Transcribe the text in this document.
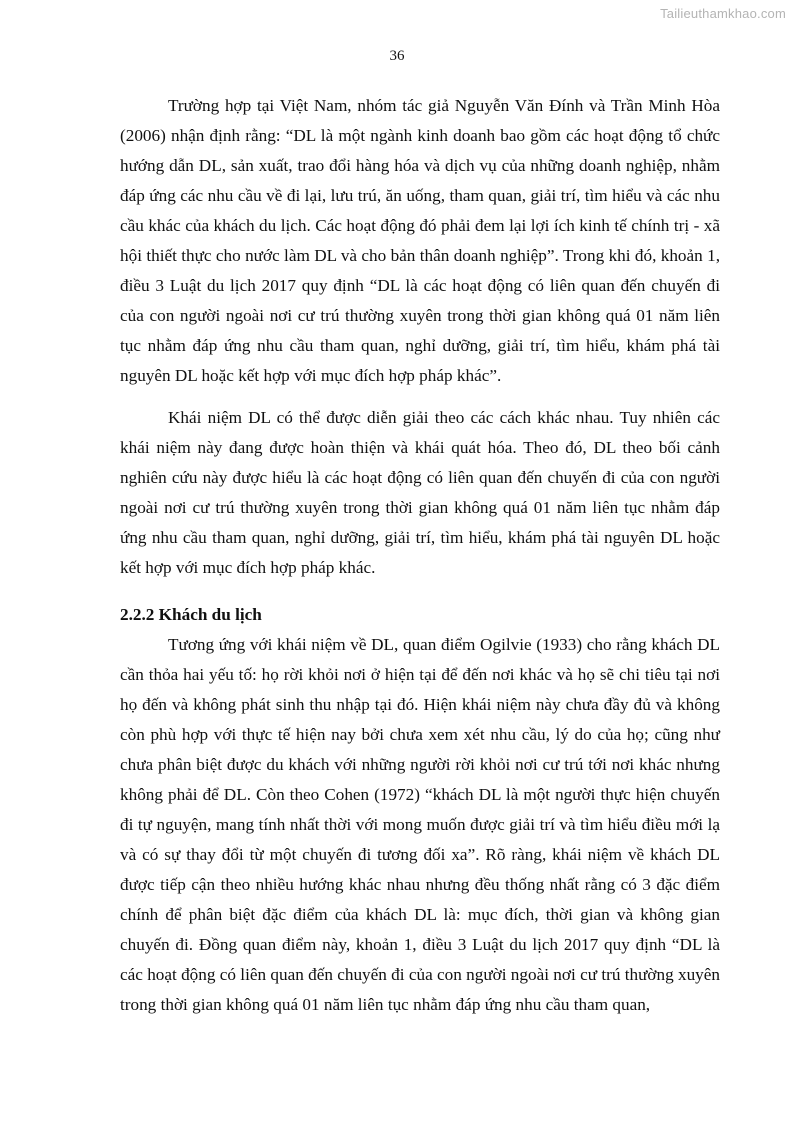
Tailieuthamkhao.com
36

Trường hợp tại Việt Nam, nhóm tác giả Nguyễn Văn Đính và Trần Minh Hòa (2006) nhận định rằng: “DL là một ngành kinh doanh bao gồm các hoạt động tổ chức hướng dẫn DL, sản xuất, trao đổi hàng hóa và dịch vụ của những doanh nghiệp, nhằm đáp ứng các nhu cầu về đi lại, lưu trú, ăn uống, tham quan, giải trí, tìm hiểu và các nhu cầu khác của khách du lịch. Các hoạt động đó phải đem lại lợi ích kinh tế chính trị - xã hội thiết thực cho nước làm DL và cho bản thân doanh nghiệp”. Trong khi đó, khoản 1, điều 3 Luật du lịch 2017 quy định “DL là các hoạt động có liên quan đến chuyến đi của con người ngoài nơi cư trú thường xuyên trong thời gian không quá 01 năm liên tục nhằm đáp ứng nhu cầu tham quan, nghỉ dưỡng, giải trí, tìm hiểu, khám phá tài nguyên DL hoặc kết hợp với mục đích hợp pháp khác”.

Khái niệm DL có thể được diễn giải theo các cách khác nhau. Tuy nhiên các khái niệm này đang được hoàn thiện và khái quát hóa. Theo đó, DL theo bối cảnh nghiên cứu này được hiểu là các hoạt động có liên quan đến chuyến đi của con người ngoài nơi cư trú thường xuyên trong thời gian không quá 01 năm liên tục nhằm đáp ứng nhu cầu tham quan, nghỉ dưỡng, giải trí, tìm hiểu, khám phá tài nguyên DL hoặc kết hợp với mục đích hợp pháp khác.

2.2.2 Khách du lịch

Tương ứng với khái niệm về DL, quan điểm Ogilvie (1933) cho rằng khách DL cần thỏa hai yếu tố: họ rời khỏi nơi ở hiện tại để đến nơi khác và họ sẽ chi tiêu tại nơi họ đến và không phát sinh thu nhập tại đó. Hiện khái niệm này chưa đầy đủ và không còn phù hợp với thực tế hiện nay bởi chưa xem xét nhu cầu, lý do của họ; cũng như chưa phân biệt được du khách với những người rời khỏi nơi cư trú tới nơi khác nhưng không phải để DL. Còn theo Cohen (1972) “khách DL là một người thực hiện chuyến đi tự nguyện, mang tính nhất thời với mong muốn được giải trí và tìm hiểu điều mới lạ và có sự thay đổi từ một chuyến đi tương đối xa”. Rõ ràng, khái niệm về khách DL được tiếp cận theo nhiều hướng khác nhau nhưng đều thống nhất rằng có 3 đặc điểm chính để phân biệt đặc điểm của khách DL là: mục đích, thời gian và không gian chuyến đi. Đồng quan điểm này, khoản 1, điều 3 Luật du lịch 2017 quy định “DL là các hoạt động có liên quan đến chuyến đi của con người ngoài nơi cư trú thường xuyên trong thời gian không quá 01 năm liên tục nhằm đáp ứng nhu cầu tham quan,
